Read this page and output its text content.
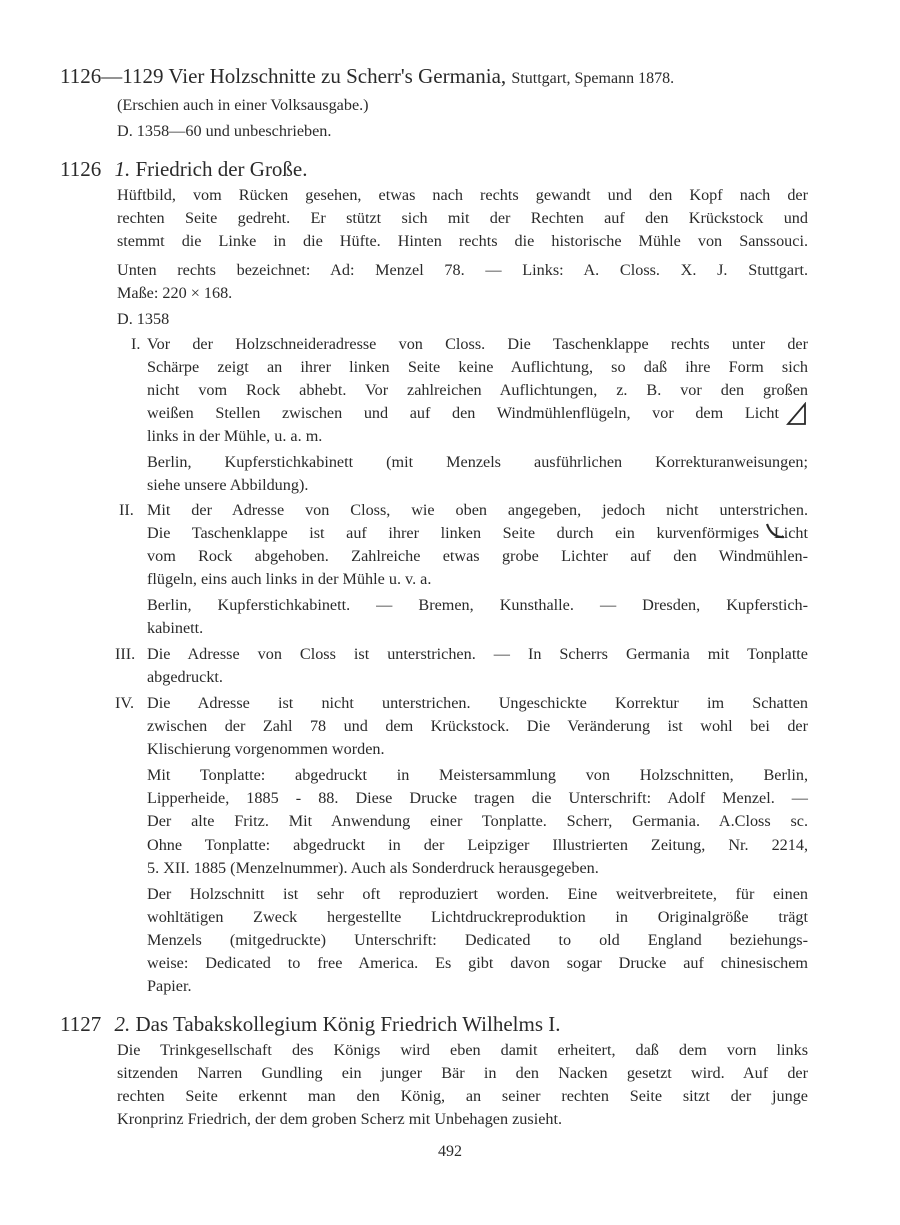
1126—1129 Vier Holzschnitte zu Scherr's Germania, Stuttgart, Spemann 1878.
(Erschien auch in einer Volksausgabe.)
D. 1358—60 und unbeschrieben.
1126 1. Friedrich der Große.
Hüftbild, vom Rücken gesehen, etwas nach rechts gewandt und den Kopf nach der
rechten Seite gedreht. Er stützt sich mit der Rechten auf den Krückstock und
stemmt die Linke in die Hüfte. Hinten rechts die historische Mühle von Sanssouci.
Unten rechts bezeichnet: Ad: Menzel 78. — Links: A. Closs. X. J. Stuttgart.
Maße: 220 × 168.
D. 1358
I. Vor der Holzschneideradresse von Closs. Die Taschenklappe rechts unter der
Schärpe zeigt an ihrer linken Seite keine Auflichtung, so daß ihre Form sich
nicht vom Rock abhebt. Vor zahlreichen Auflichtungen, z. B. vor den großen
weißen Stellen zwischen und auf den Windmühlenflügeln, vor dem Licht
links in der Mühle, u. a. m.
Berlin, Kupferstichkabinett (mit Menzels ausführlichen Korrekturanweisungen;
siehe unsere Abbildung).
II. Mit der Adresse von Closs, wie oben angegeben, jedoch nicht unterstrichen.
Die Taschenklappe ist auf ihrer linken Seite durch ein kurvenförmiges Licht
vom Rock abgehoben. Zahlreiche etwas grobe Lichter auf den Windmühlen-
flügeln, eins auch links in der Mühle u. v. a.
Berlin, Kupferstichkabinett. — Bremen, Kunsthalle. — Dresden, Kupferstich-
kabinett.
III. Die Adresse von Closs ist unterstrichen. — In Scherrs Germania mit Tonplatte
abgedruckt.
IV. Die Adresse ist nicht unterstrichen. Ungeschickte Korrektur im Schatten
zwischen der Zahl 78 und dem Krückstock. Die Veränderung ist wohl bei der
Klischierung vorgenommen worden.
Mit Tonplatte: abgedruckt in Meistersammlung von Holzschnitten, Berlin,
Lipperheide, 1885 - 88. Diese Drucke tragen die Unterschrift: Adolf Menzel. —
Der alte Fritz. Mit Anwendung einer Tonplatte. Scherr, Germania. A.Closs sc.
Ohne Tonplatte: abgedruckt in der Leipziger Illustrierten Zeitung, Nr. 2214,
5. XII. 1885 (Menzelnummer). Auch als Sonderdruck herausgegeben.
Der Holzschnitt ist sehr oft reproduziert worden. Eine weitverbreitete, für einen
wohltätigen Zweck hergestellte Lichtdruckreproduktion in Originalgröße trägt
Menzels (mitgedruckte) Unterschrift: Dedicated to old England beziehungs-
weise: Dedicated to free America. Es gibt davon sogar Drucke auf chinesischem
Papier.
1127 2. Das Tabakskollegium König Friedrich Wilhelms I.
Die Trinkgesellschaft des Königs wird eben damit erheitert, daß dem vorn links
sitzenden Narren Gundling ein junger Bär in den Nacken gesetzt wird. Auf der
rechten Seite erkennt man den König, an seiner rechten Seite sitzt der junge
Kronprinz Friedrich, der dem groben Scherz mit Unbehagen zusieht.
492
